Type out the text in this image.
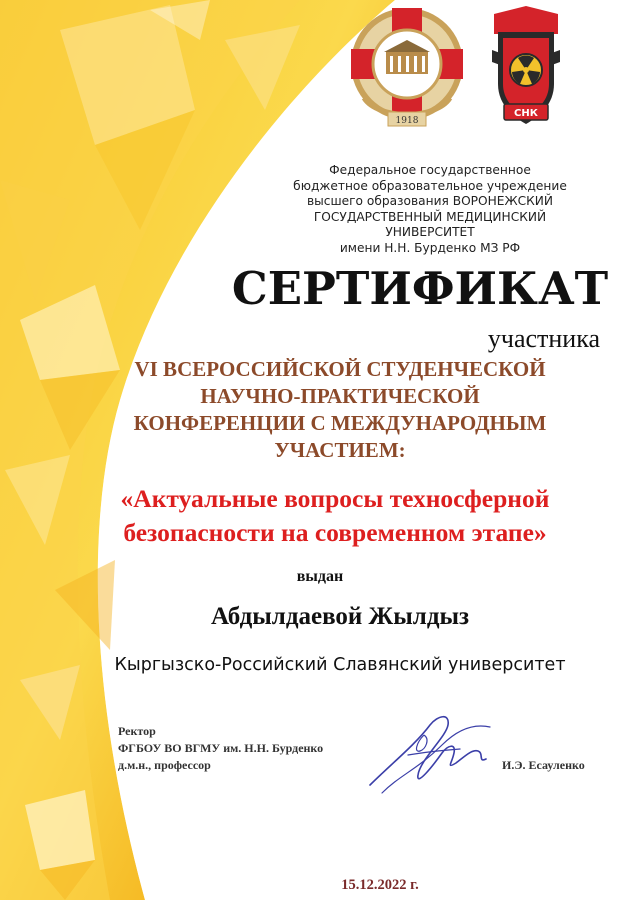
1918
СНК
Федеральное государственное
бюджетное образовательное учреждение
высшего образования ВОРОНЕЖСКИЙ
ГОСУДАРСТВЕННЫЙ МЕДИЦИНСКИЙ
УНИВЕРСИТЕТ
имени Н.Н. Бурденко МЗ РФ
СЕРТИФИКАТ
участника
VI ВСЕРОССИЙСКОЙ СТУДЕНЧЕСКОЙ
НАУЧНО-ПРАКТИЧЕСКОЙ
КОНФЕРЕНЦИИ С МЕЖДУНАРОДНЫМ
УЧАСТИЕМ:
«Актуальные вопросы техносферной
безопасности на современном этапе»
выдан
Абдылдаевой Жылдыз
Кыргызско-Российский Славянский университет
Ректор
ФГБОУ ВО ВГМУ им. Н.Н. Бурденко
д.м.н., профессор	И.Э. Есауленко
15.12.2022 г.
